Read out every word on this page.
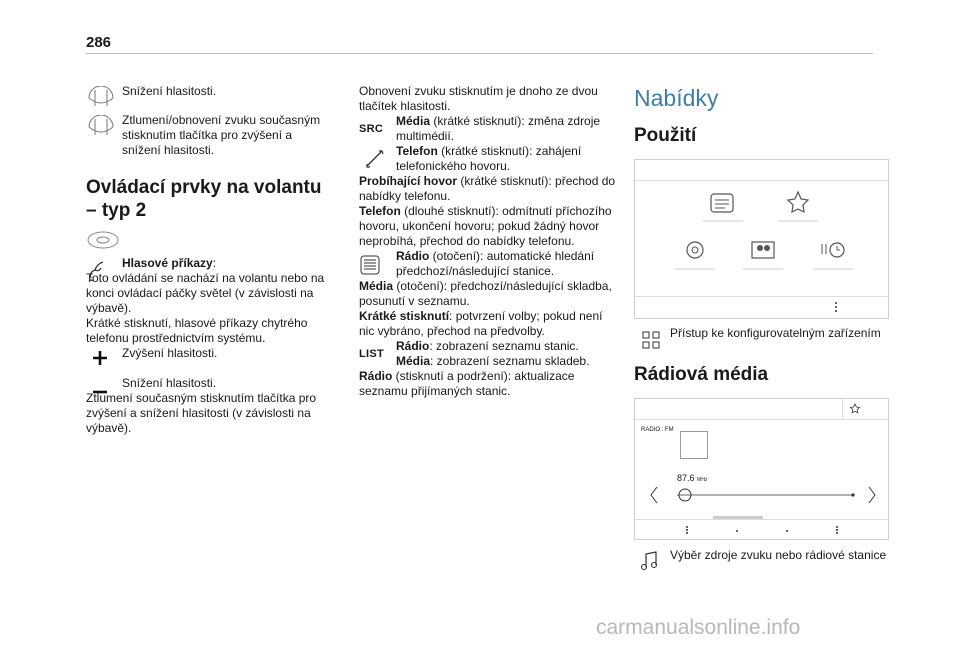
286

Snížení hlasitosti.

Ztlumení/obnovení zvuku současným stisknutím tlačítka pro zvýšení a snížení hlasitosti.

Ovládací prvky na volantu – typ 2

Hlasové příkazy:

Toto ovládání se nachází na volantu nebo na konci ovládací páčky světel (v závislosti na výbavě).

Krátké stisknutí, hlasové příkazy chytrého telefonu prostřednictvím systému.

Zvýšení hlasitosti.

Snížení hlasitosti.

Ztlumení současným stisknutím tlačítka pro zvýšení a snížení hlasitosti (v závislosti na výbavě).

Obnovení zvuku stisknutím je dnoho ze dvou tlačítek hlasitosti.

SRC

Média (krátké stisknutí): změna zdroje multimédií.

Telefon (krátké stisknutí): zahájení telefonického hovoru.

Probíhající hovor (krátké stisknutí): přechod do nabídky telefonu.

Telefon (dlouhé stisknutí): odmítnutí příchozího hovoru, ukončení hovoru; pokud žádný hovor neprobíhá, přechod do nabídky telefonu.

Rádio (otočení): automatické hledání předchozí/následující stanice.

Média (otočení): předchozí/následující skladba, posunutí v seznamu.

Krátké stisknutí: potvrzení volby; pokud není nic vybráno, přechod na předvolby.

LIST

Rádio: zobrazení seznamu stanic.

Média: zobrazení seznamu skladeb.

Rádio (stisknutí a podržení): aktualizace seznamu přijímaných stanic.

Nabídky
Použití

Přístup ke konfigurovatelným zařízením

Rádiová média
RADIO : FM
87.6 MHz

Výběr zdroje zvuku nebo rádiové stanice

carmanualsonline.info
